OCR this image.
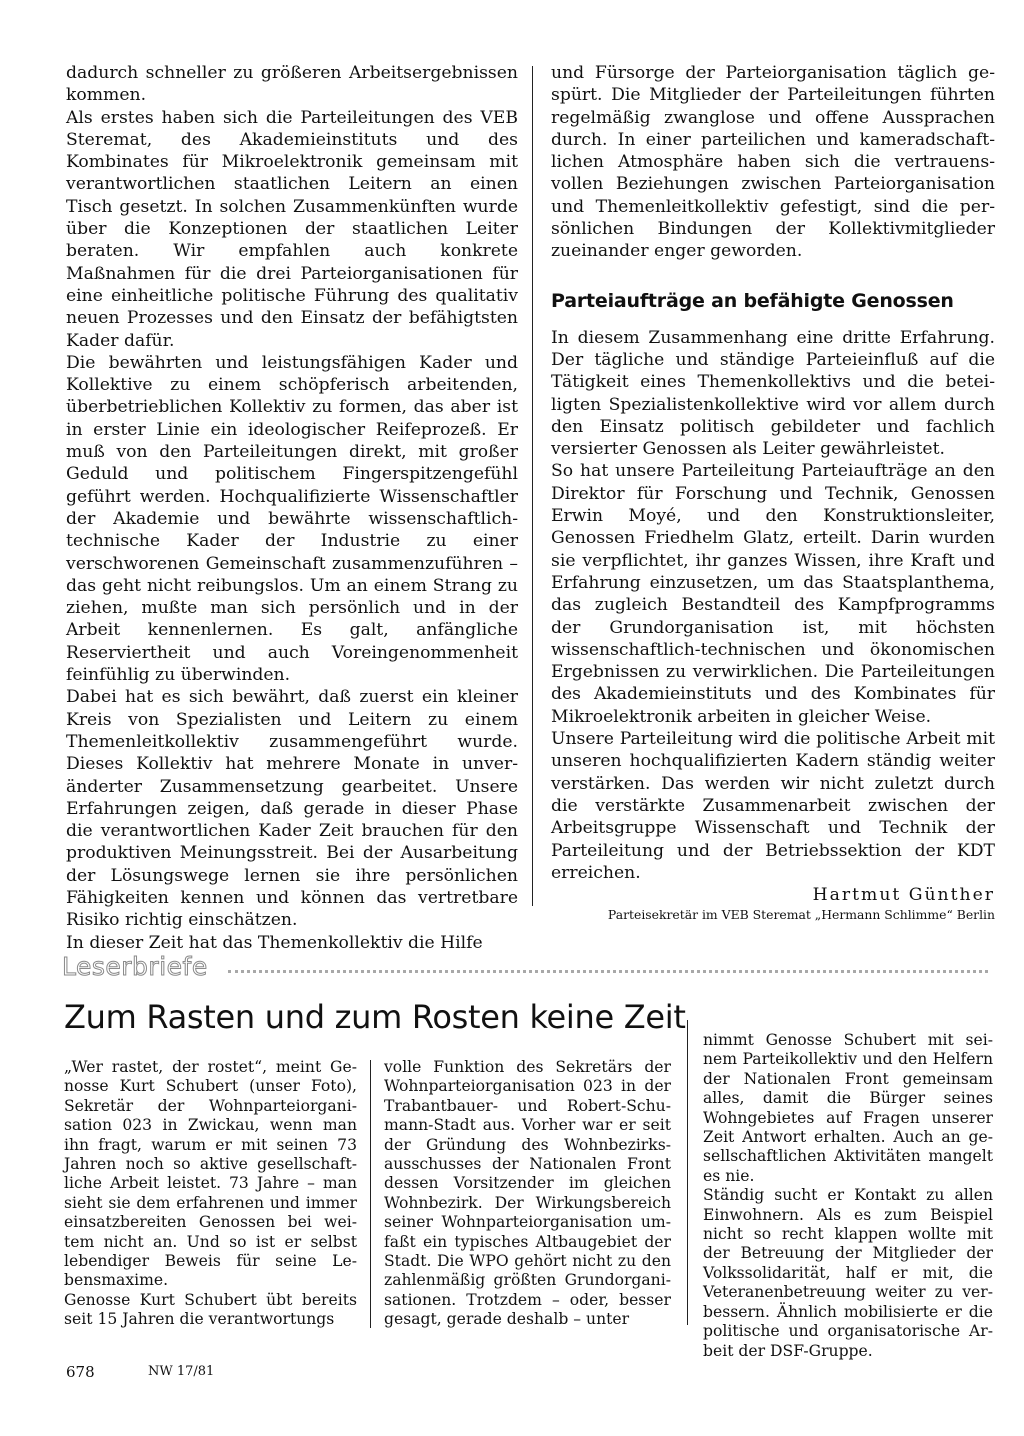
dadurch schneller zu größeren Arbeitsergebnissen kommen.

Als erstes haben sich die Parteileitungen des VEB Steremat, des Akademieinstituts und des Kombinates für Mikroelektronik gemeinsam mit verantwortlichen staatlichen Leitern an einen Tisch gesetzt. In solchen Zusammenkünften wurde über die Konzeptionen der staatlichen Leiter beraten. Wir empfahlen auch konkrete Maßnahmen für die drei Parteiorganisationen für eine einheitliche politische Führung des qualitativ neuen Prozesses und den Einsatz der befähigtsten Kader dafür.

Die bewährten und leistungsfähigen Kader und Kollektive zu einem schöpferisch arbeitenden, überbetrieblichen Kollektiv zu formen, das aber ist in erster Linie ein ideologischer Reifeprozeß. Er muß von den Parteileitungen direkt, mit großer Geduld und politischem Fingerspitzengefühl geführt werden. Hochqualifizierte Wissenschaftler der Akademie und bewährte wissenschaftlich-technische Kader der Industrie zu einer verschworenen Gemeinschaft zusammenzuführen – das geht nicht reibungslos. Um an einem Strang zu ziehen, mußte man sich persönlich und in der Arbeit kennenlernen. Es galt, anfängliche Reserviertheit und auch Voreingenommenheit feinfühlig zu überwinden.

Dabei hat es sich bewährt, daß zuerst ein kleiner Kreis von Spezialisten und Leitern zu einem Themenleitkollektiv zusammengeführt wurde. Dieses Kollektiv hat mehrere Monate in unveränderter Zusammensetzung gearbeitet. Unsere Erfahrungen zeigen, daß gerade in dieser Phase die verantwortlichen Kader Zeit brauchen für den produktiven Meinungsstreit. Bei der Ausarbeitung der Lösungswege lernen sie ihre persönlichen Fähigkeiten kennen und können das vertretbare Risiko richtig einschätzen.

In dieser Zeit hat das Themenkollektiv die Hilfe

und Fürsorge der Parteiorganisation täglich gespürt. Die Mitglieder der Parteileitungen führten regelmäßig zwanglose und offene Aussprachen durch. In einer parteilichen und kameradschaftlichen Atmosphäre haben sich die vertrauensvollen Beziehungen zwischen Parteiorganisation und Themenleitkollektiv gefestigt, sind die persönlichen Bindungen der Kollektivmitglieder zueinander enger geworden.

Parteiaufträge an befähigte Genossen

In diesem Zusammenhang eine dritte Erfahrung. Der tägliche und ständige Parteieinfluß auf die Tätigkeit eines Themenkollektivs und die beteiligten Spezialistenkollektive wird vor allem durch den Einsatz politisch gebildeter und fachlich versierter Genossen als Leiter gewährleistet.

So hat unsere Parteileitung Parteiaufträge an den Direktor für Forschung und Technik, Genossen Erwin Moyé, und den Konstruktionsleiter, Genossen Friedhelm Glatz, erteilt. Darin wurden sie verpflichtet, ihr ganzes Wissen, ihre Kraft und Erfahrung einzusetzen, um das Staatsplanthema, das zugleich Bestandteil des Kampfprogramms der Grundorganisation ist, mit höchsten wissenschaftlich-technischen und ökonomischen Ergebnissen zu verwirklichen. Die Parteileitungen des Akademieinstituts und des Kombinates für Mikroelektronik arbeiten in gleicher Weise.

Unsere Parteileitung wird die politische Arbeit mit unseren hochqualifizierten Kadern ständig weiter verstärken. Das werden wir nicht zuletzt durch die verstärkte Zusammenarbeit zwischen der Arbeitsgruppe Wissenschaft und Technik der Parteileitung und der Betriebssektion der KDT erreichen.

Hartmut Günther

Parteisekretär im VEB Steremat „Hermann Schlimme“ Berlin

Leserbriefe
Zum Rasten und zum Rosten keine Zeit

„Wer rastet, der rostet“, meint Genosse Kurt Schubert (unser Foto), Sekretär der Wohnparteiorganisation 023 in Zwickau, wenn man ihn fragt, warum er mit seinen 73 Jahren noch so aktive gesellschaftliche Arbeit leistet. 73 Jahre – man sieht sie dem erfahrenen und immer einsatzbereiten Genossen bei weitem nicht an. Und so ist er selbst lebendiger Beweis für seine Lebensmaxime.

Genosse Kurt Schubert übt bereits seit 15 Jahren die verantwortungs

volle Funktion des Sekretärs der Wohnparteiorganisation 023 in der Trabantbauer- und Robert-Schumann-Stadt aus. Vorher war er seit der Gründung des Wohnbezirksausschusses der Nationalen Front dessen Vorsitzender im gleichen Wohnbezirk. Der Wirkungsbereich seiner Wohnparteiorganisation umfaßt ein typisches Altbaugebiet der Stadt. Die WPO gehört nicht zu den zahlenmäßig größten Grundorganisationen. Trotzdem – oder, besser gesagt, gerade deshalb – unter

nimmt Genosse Schubert mit seinem Parteikollektiv und den Helfern der Nationalen Front gemeinsam alles, damit die Bürger seines Wohngebietes auf Fragen unserer Zeit Antwort erhalten. Auch an gesellschaftlichen Aktivitäten mangelt es nie.

Ständig sucht er Kontakt zu allen Einwohnern. Als es zum Beispiel nicht so recht klappen wollte mit der Betreuung der Mitglieder der Volkssolidarität, half er mit, die Veteranenbetreuung weiter zu verbessern. Ähnlich mobilisierte er die politische und organisatorische Arbeit der DSF-Gruppe.

678	NW 17/81
